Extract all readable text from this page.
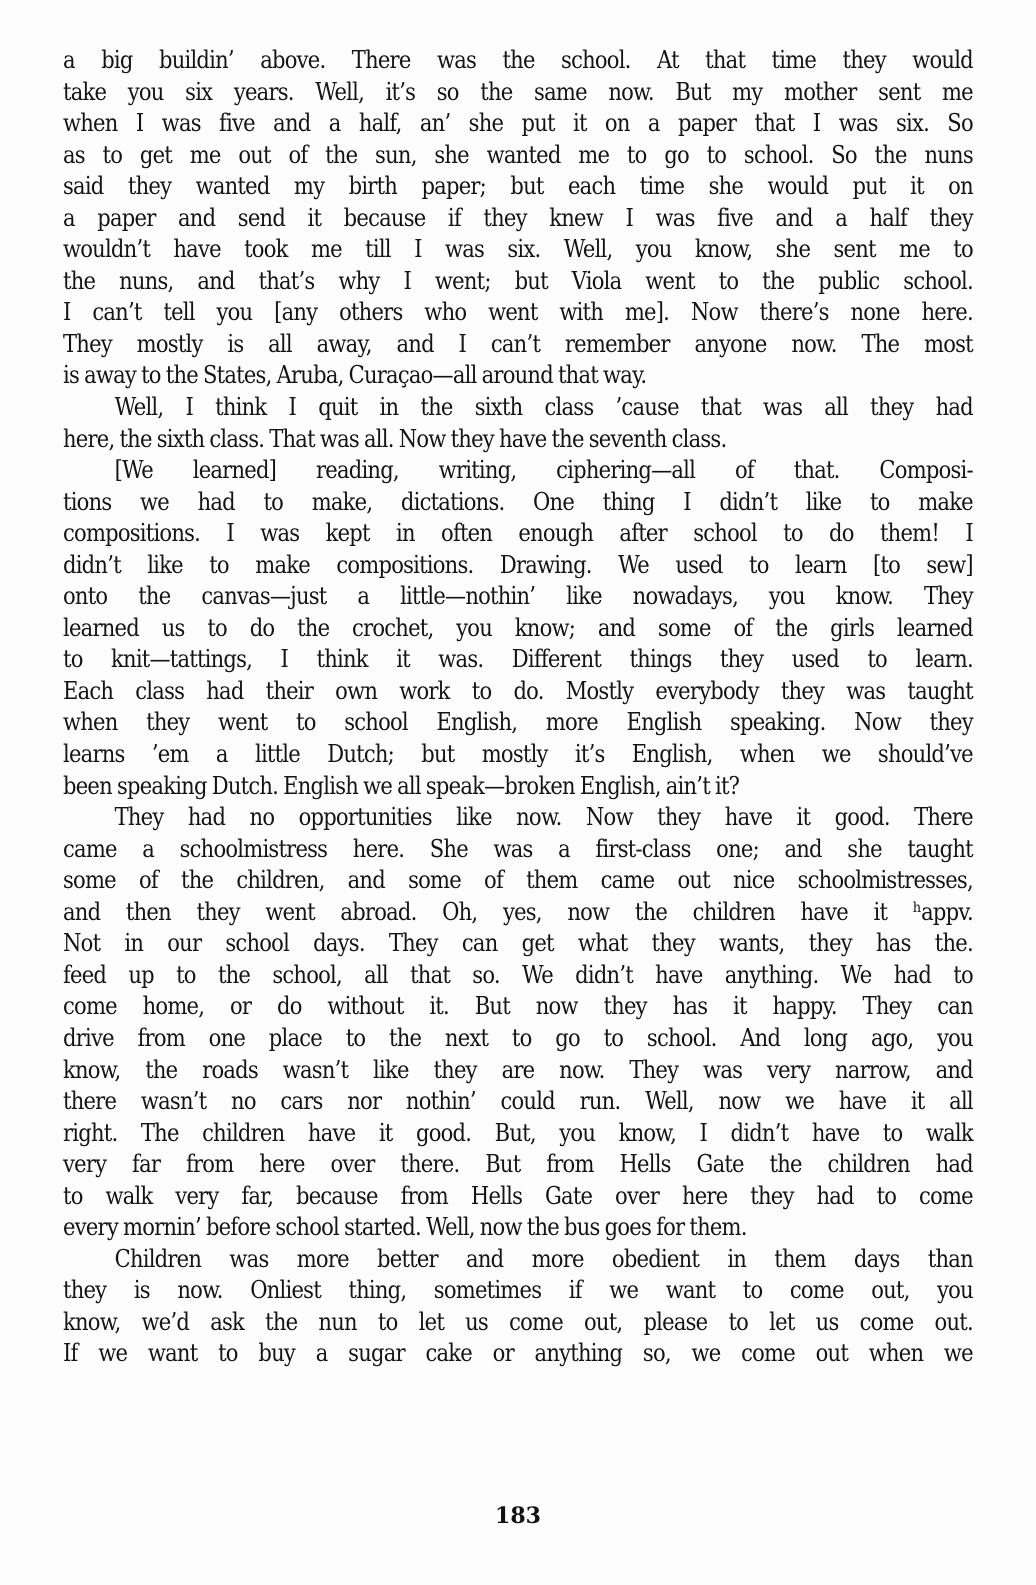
a big buildin’ above. There was the school. At that time they would
take you six years. Well, it’s so the same now. But my mother sent me
when I was five and a half, an’ she put it on a paper that I was six. So
as to get me out of the sun, she wanted me to go to school. So the nuns
said they wanted my birth paper; but each time she would put it on
a paper and send it because if they knew I was five and a half they
wouldn’t have took me till I was six. Well, you know, she sent me to
the nuns, and that’s why I went; but Viola went to the public school.
I can’t tell you [any others who went with me]. Now there’s none here.
They mostly is all away, and I can’t remember anyone now. The most
is away to the States, Aruba, Curaçao—all around that way.
Well, I think I quit in the sixth class ’cause that was all they had
here, the sixth class. That was all. Now they have the seventh class.
[We learned] reading, writing, ciphering—all of that. Composi-
tions we had to make, dictations. One thing I didn’t like to make
compositions. I was kept in often enough after school to do them! I
didn’t like to make compositions. Drawing. We used to learn [to sew]
onto the canvas—just a little—nothin’ like nowadays, you know. They
learned us to do the crochet, you know; and some of the girls learned
to knit—tattings, I think it was. Different things they used to learn.
Each class had their own work to do. Mostly everybody they was taught
when they went to school English, more English speaking. Now they
learns ’em a little Dutch; but mostly it’s English, when we should’ve
been speaking Dutch. English we all speak—broken English, ain’t it?
They had no opportunities like now. Now they have it good. There
came a schoolmistress here. She was a first-class one; and she taught
some of the children, and some of them came out nice schoolmistresses,
and then they went abroad. Oh, yes, now the children have it ʰappv.
Not in our school days. They can get what they wants, they has the.
feed up to the school, all that so. We didn’t have anything. We had to
come home, or do without it. But now they has it happy. They can
drive from one place to the next to go to school. And long ago, you
know, the roads wasn’t like they are now. They was very narrow, and
there wasn’t no cars nor nothin’ could run. Well, now we have it all
right. The children have it good. But, you know, I didn’t have to walk
very far from here over there. But from Hells Gate the children had
to walk very far, because from Hells Gate over here they had to come
every mornin’ before school started. Well, now the bus goes for them.
Children was more better and more obedient in them days than
they is now. Onliest thing, sometimes if we want to come out, you
know, we’d ask the nun to let us come out, please to let us come out.
If we want to buy a sugar cake or anything so, we come out when we
183
